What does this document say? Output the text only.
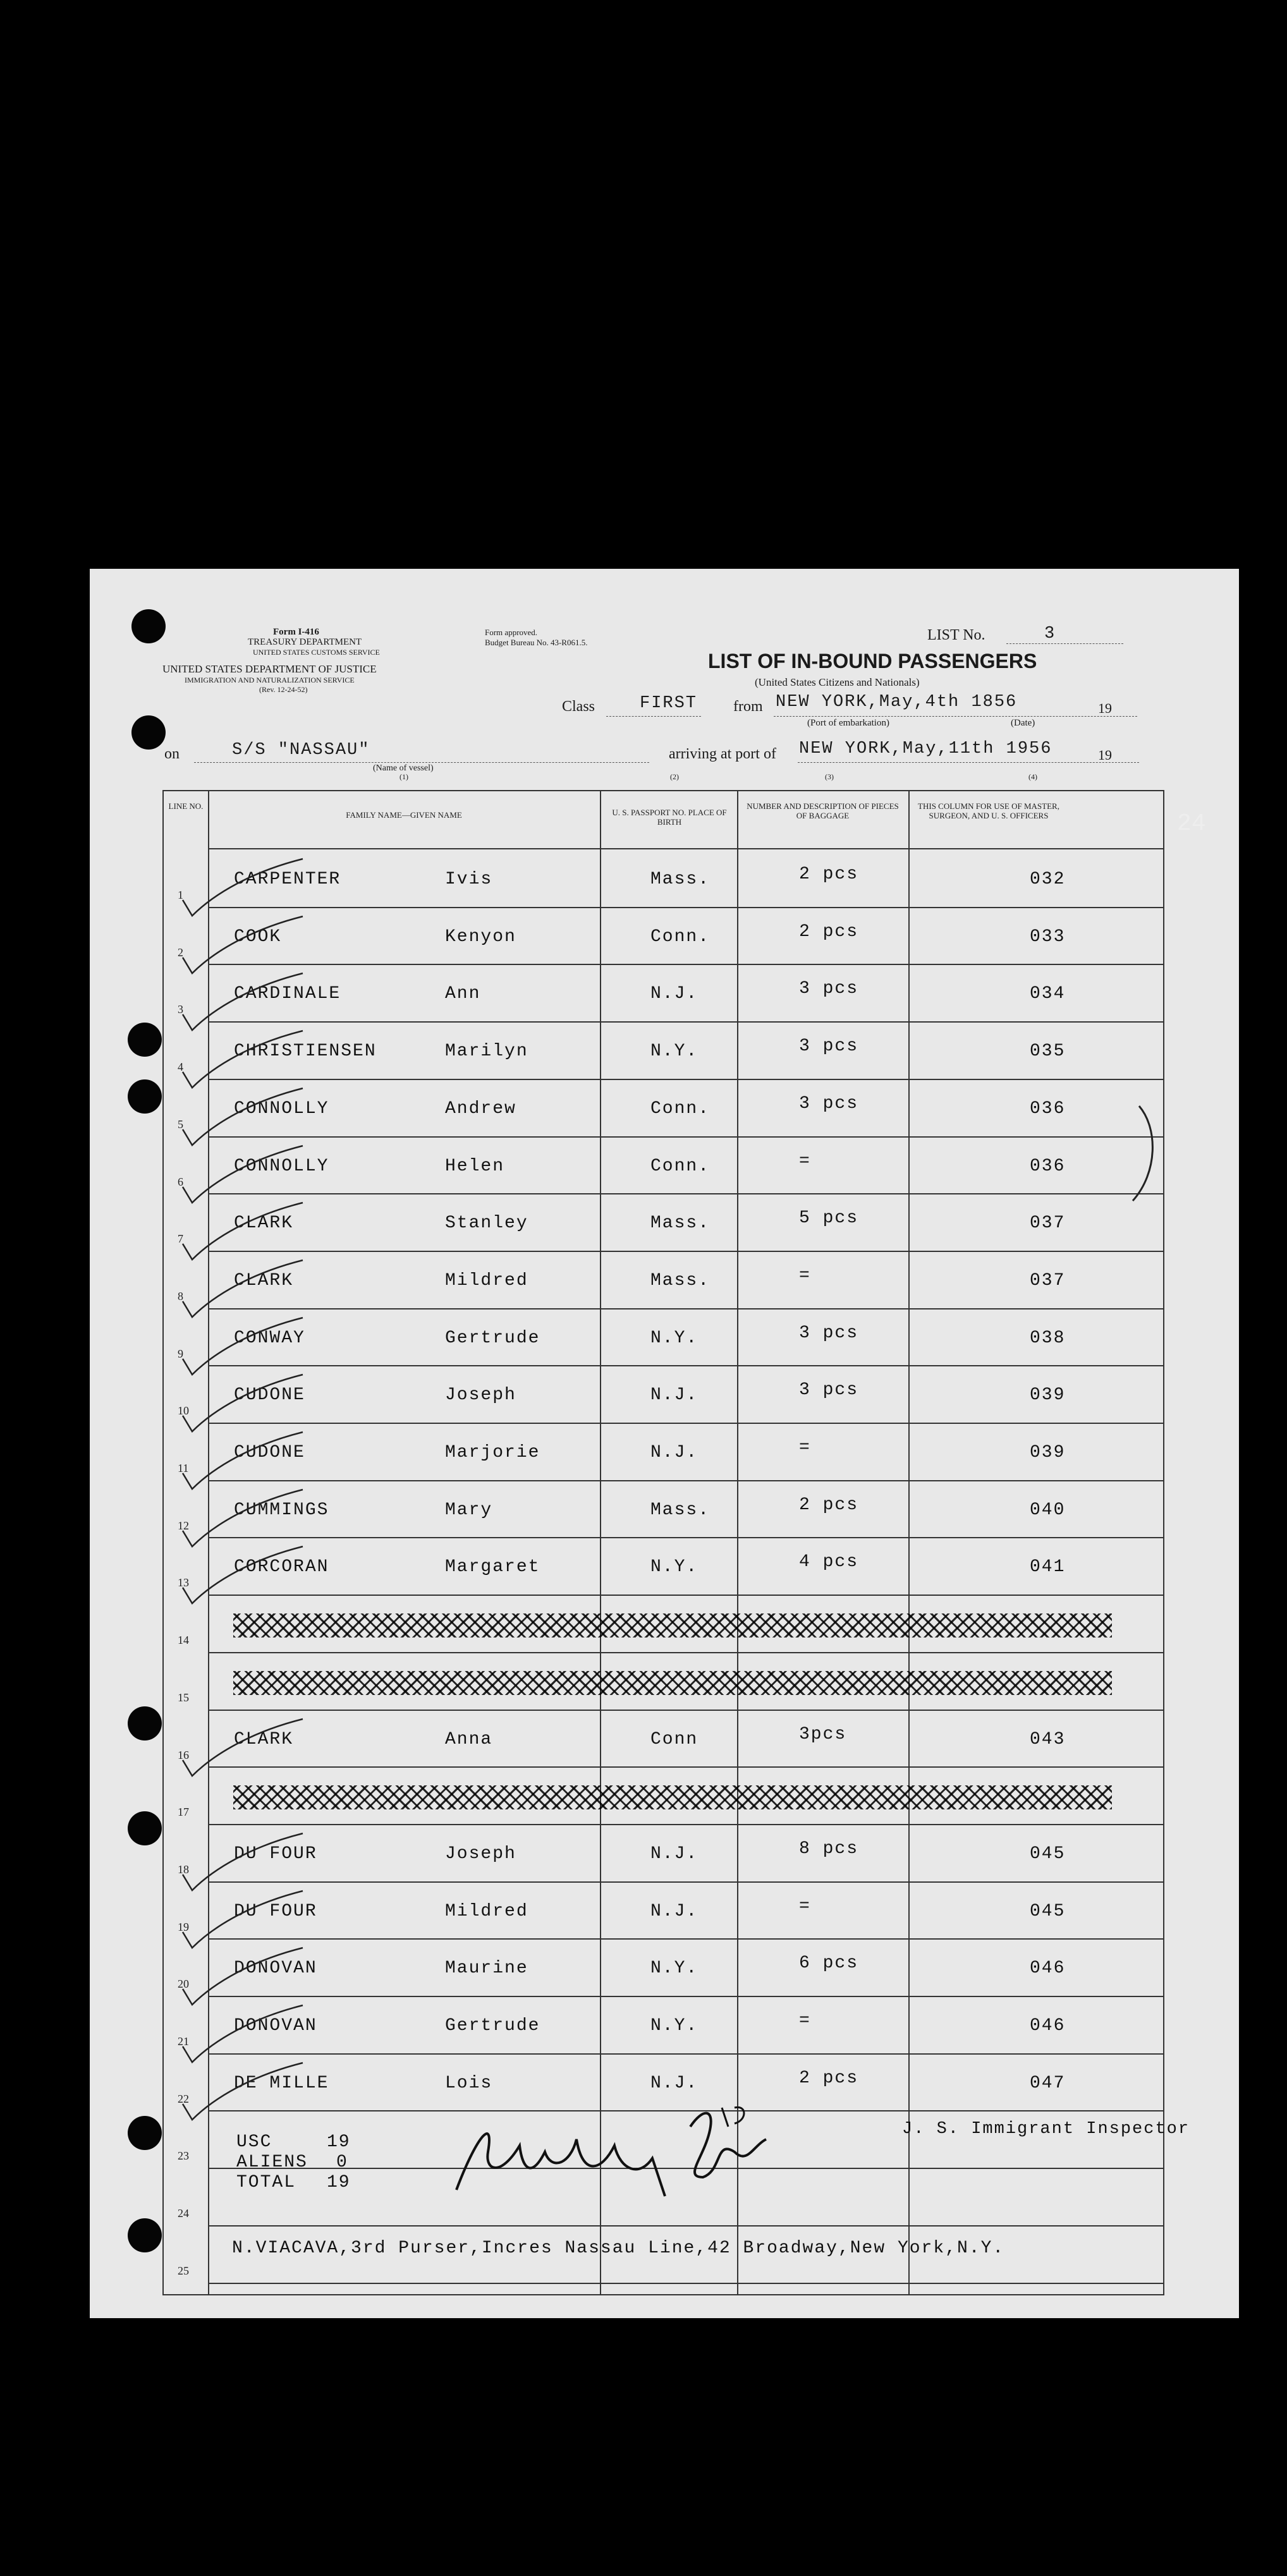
Form I-416
TREASURY DEPARTMENT
UNITED STATES CUSTOMS SERVICE
UNITED STATES DEPARTMENT OF JUSTICE
IMMIGRATION AND NATURALIZATION SERVICE
(Rev. 12-24-52)
Form approved.
Budget Bureau No. 43-R061.5.	LIST No.	3
LIST OF IN-BOUND PASSENGERS
(United States Citizens and Nationals)
Class	FIRST from NEW YORK,May,4th 1856	19
(Port of embarkation)	(Date)
on	S/S "NASSAU"
(Name of vessel)
(1)
arriving at port of NEW YORK,May,11th 1956	19
(2)	(3)	(4)
LINE NO.
FAMILY NAME—GIVEN NAME	U. S. PASSPORT NO. PLACE OF BIRTH
NUMBER AND DESCRIPTION OF PIECES OF BAGGAGE
THIS COLUMN FOR USE OF MASTER, SURGEON, AND U. S. OFFICERS
1
CARPENTER	Ivis	Mass.	2 pcs	032
2
COOK	Kenyon	Conn.	2 pcs	033
3
CARDINALE	Ann	N.J.	3 pcs	034
4
CHRISTIENSEN	Marilyn	N.Y.	3 pcs	035
5
CONNOLLY	Andrew	Conn.	3 pcs	036
6
CONNOLLY	Helen	Conn.	=	036
7
CLARK	Stanley	Mass.	5 pcs	037
8
CLARK	Mildred	Mass.	=	037
9
CONWAY	Gertrude	N.Y.	3 pcs	038
10
CUDONE	Joseph	N.J.	3 pcs	039
11
CUDONE	Marjorie	N.J.	=	039
12
CUMMINGS	Mary	Mass.	2 pcs	040
13
CORCORAN	Margaret	N.Y.	4 pcs	041
14
15
16
CLARK	Anna	Conn	3pcs	043
17
18
DU FOUR	Joseph	N.J.	8 pcs	045
19
DU FOUR	Mildred	N.J.	=	045
20
DONOVAN	Maurine	N.Y.	6 pcs	046
21
DONOVAN	Gertrude	N.Y.	=	046
22
DE MILLE	Lois	N.J.	2 pcs	047
23
24
25
USC	19
ALIENS 0
TOTAL 19
J. S. Immigrant Inspector
N.VIACAVA,3rd Purser,Incres Nassau Line,42 Broadway,New York,N.Y.
24
